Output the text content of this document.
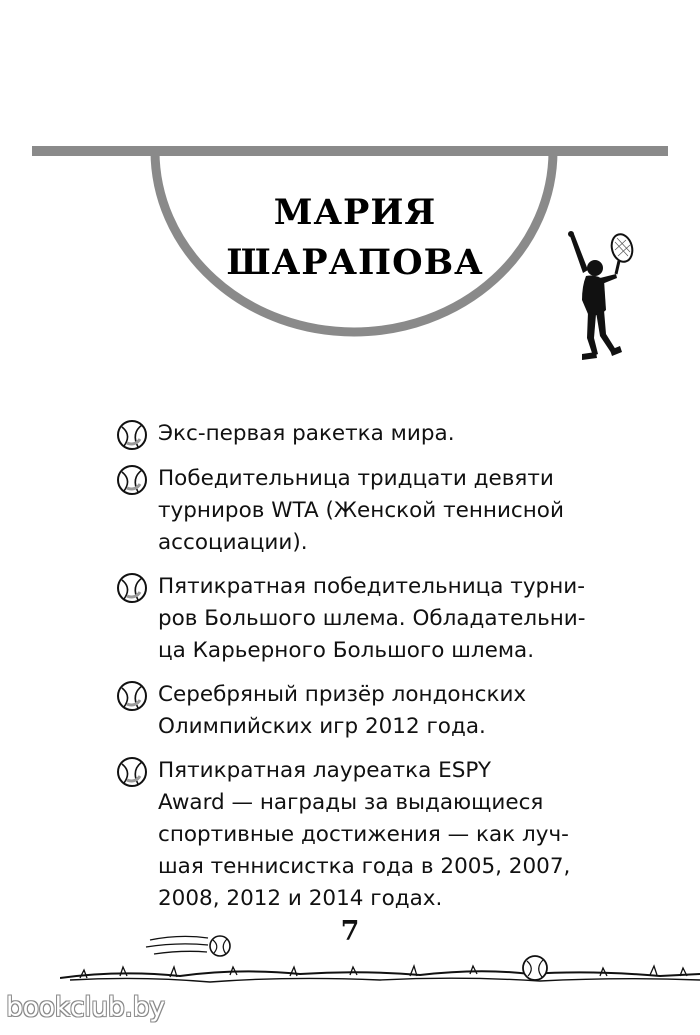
МАРИЯ
ШАРАПОВА
Экс-первая ракетка мира.
Победительница тридцати девяти
турниров WTA (Женской теннисной
ассоциации).
Пятикратная победительница турни-
ров Большого шлема. Обладательни-
ца Карьерного Большого шлема.
Серебряный призёр лондонских
Олимпийских игр 2012 года.
Пятикратная лауреатка ESPY
Award — награды за выдающиеся
спортивные достижения — как луч-
шая теннисистка года в 2005, 2007,
2008, 2012 и 2014 годах.
7
bookclub.by
